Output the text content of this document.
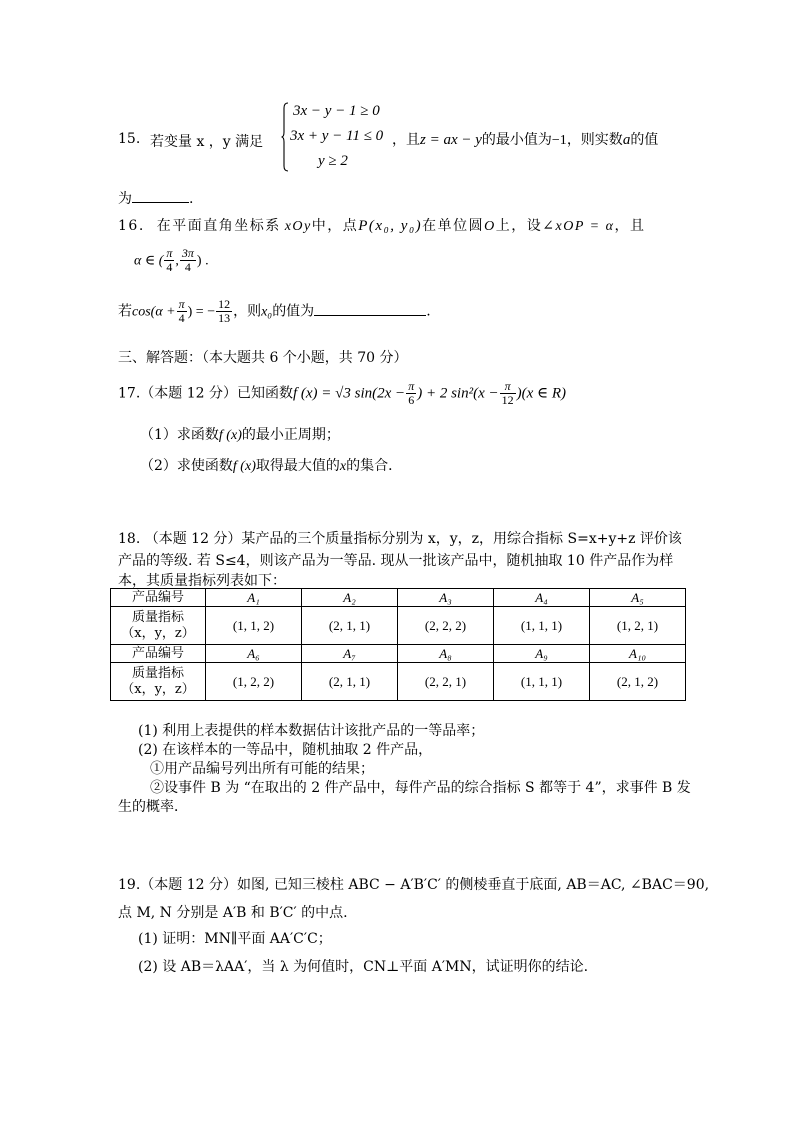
15. 若变量 x ，y 满足
3x − y − 1 ≥ 0
3x + y − 11 ≤ 0
y ≥ 2
，且z = ax − y的最小值为−1，则实数a的值
为	.
16. 在平面直角坐标系 xOy中，点P(x₀, y₀)在单位圆O上，设∠xOP = α，且
α ∈ ( $\frac{\pi}{4}$ , $\frac{3\pi}{4}$ ) .
若$\cos(\alpha + \frac{\pi}{4}$ ) = − $\frac{12}{13}$ ，则x₀的值为	.
三、解答题：（本大题共 6 个小题，共 70 分）
17.（本题 12 分）已知函数f (x) = √3 $\sin(2x - \frac{\pi}{6}$ ) + 2 $\sin^2(x - \frac{\pi}{12} )(x$ ∈ R)
（1）求函数f (x)的最小正周期；
（2）求使函数f (x)取得最大值的x的集合．
18. （本题 12 分）某产品的三个质量指标分别为 x，y，z，用综合指标 S=x+y+z 评价该
产品的等级. 若 S≤4，则该产品为一等品. 现从一批该产品中，随机抽取 10 件产品作为样
本，其质量指标列表如下：
产品编号	A₁	A₂	A₃	A₄	A₅

质量指标
（x，y，z）	(1, 1, 2)	(2, 1, 1)	(2, 2, 2)	(1, 1, 1)	(1, 2, 1)
产品编号	A₆	A₇	A₈	A₉	A₁₀

质量指标
（x，y，z）	(1, 2, 2)	(2, 1, 1)	(2, 2, 1)	(1, 1, 1)	(2, 1, 2)
(1) 利用上表提供的样本数据估计该批产品的一等品率；
(2) 在该样本的一等品中，随机抽取 2 件产品，
①用产品编号列出所有可能的结果；
②设事件 B 为 “在取出的 2 件产品中，每件产品的综合指标 S 都等于 4”，求事件 B 发
生的概率．
19.（本题 12 分）如图, 已知三棱柱 ABC − A′B′C′ 的侧棱垂直于底面, AB＝AC, ∠BAC＝90,
点 M, N 分别是 A′B 和 B′C′ 的中点.
(1) 证明：MN∥平面 AA′C′C；
(2) 设 AB＝λAA′，当 λ 为何值时，CN⊥平面 A′MN，试证明你的结论.
